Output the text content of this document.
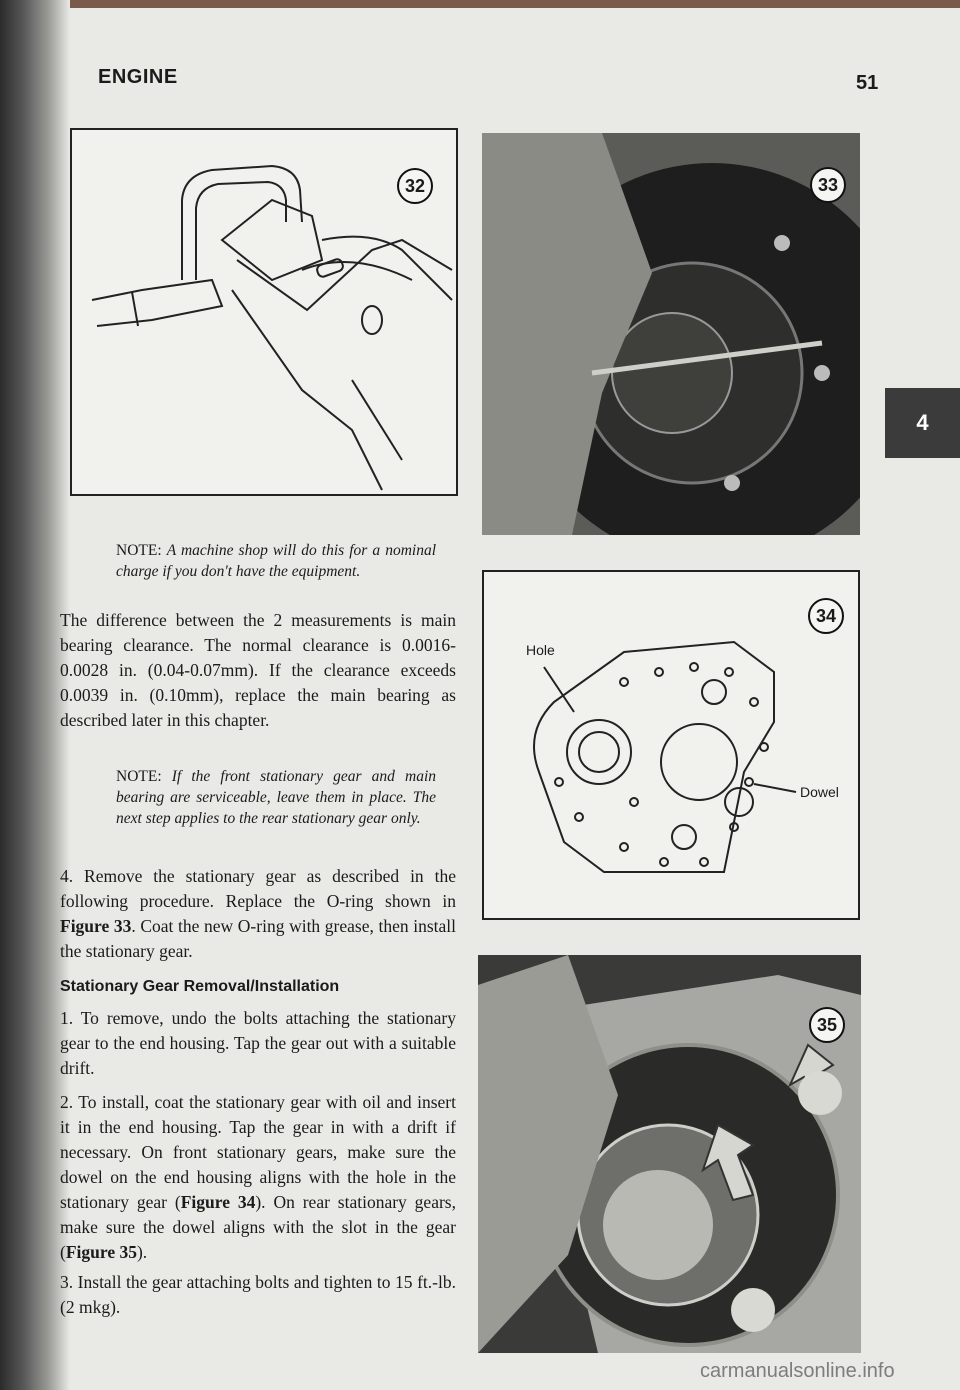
ENGINE	51
4
32	33
Hole
Dowel
34
35
NOTE: A machine shop will do this for a nominal charge if you don't have the equipment.

The difference between the 2 measurements is main bearing clearance. The normal clearance is 0.0016-0.0028 in. (0.04-0.07mm). If the clearance exceeds 0.0039 in. (0.10mm), replace the main bearing as described later in this chapter.

NOTE: If the front stationary gear and main bearing are serviceable, leave them in place. The next step applies to the rear stationary gear only.

4. Remove the stationary gear as described in the following procedure. Replace the O-ring shown in Figure 33. Coat the new O-ring with grease, then install the stationary gear.

Stationary Gear Removal/Installation

1. To remove, undo the bolts attaching the stationary gear to the end housing. Tap the gear out with a suitable drift.

2. To install, coat the stationary gear with oil and insert it in the end housing. Tap the gear in with a drift if necessary. On front stationary gears, make sure the dowel on the end housing aligns with the hole in the stationary gear (Figure 34). On rear stationary gears, make sure the dowel aligns with the slot in the gear (Figure 35).

3. Install the gear attaching bolts and tighten to 15 ft.-lb. (2 mkg).

carmanualsonline.info
